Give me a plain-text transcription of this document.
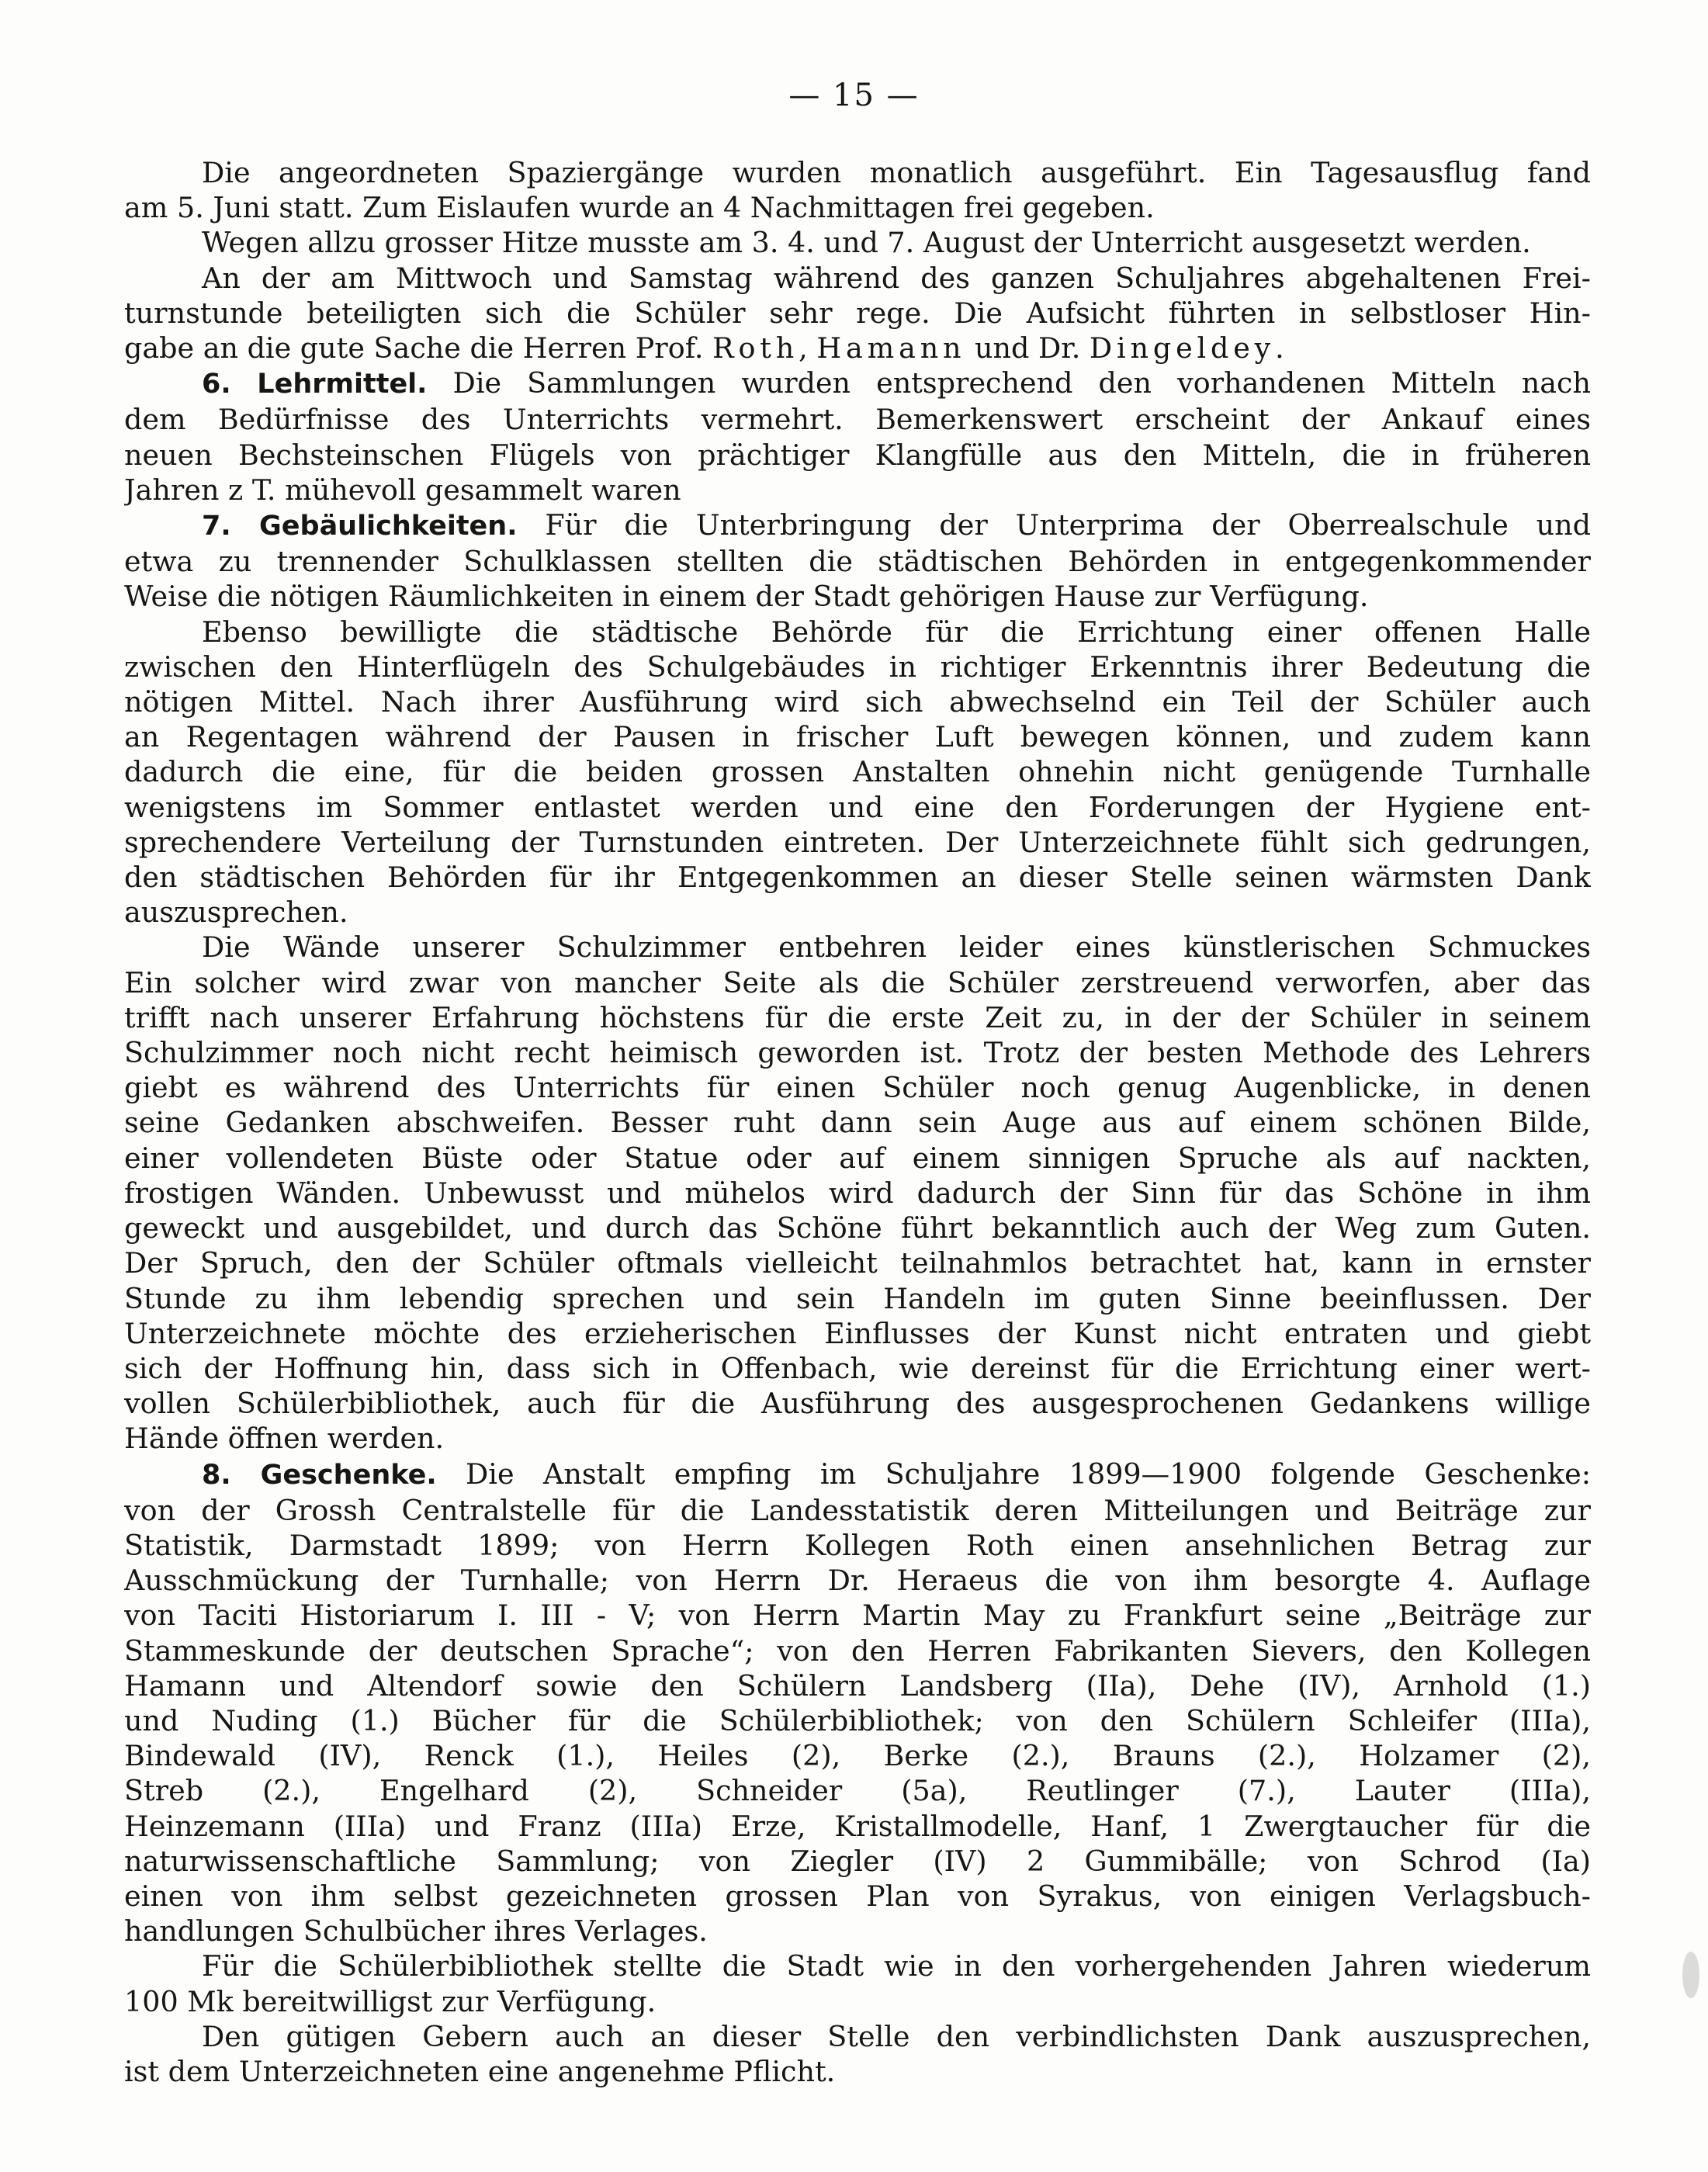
— 15 —
Die angeordneten Spaziergänge wurden monatlich ausgeführt. Ein Tagesausflug fand
am 5. Juni statt. Zum Eislaufen wurde an 4 Nachmittagen frei gegeben.
Wegen allzu grosser Hitze musste am 3. 4. und 7. August der Unterricht ausgesetzt werden.
An der am Mittwoch und Samstag während des ganzen Schuljahres abgehaltenen Frei-
turnstunde beteiligten sich die Schüler sehr rege. Die Aufsicht führten in selbstloser Hin-
gabe an die gute Sache die Herren Prof. Roth, Hamann und Dr. Dingeldey.
6. Lehrmittel. Die Sammlungen wurden entsprechend den vorhandenen Mitteln nach
dem Bedürfnisse des Unterrichts vermehrt. Bemerkenswert erscheint der Ankauf eines
neuen Bechsteinschen Flügels von prächtiger Klangfülle aus den Mitteln, die in früheren
Jahren z T. mühevoll gesammelt waren
7. Gebäulichkeiten. Für die Unterbringung der Unterprima der Oberrealschule und
etwa zu trennender Schulklassen stellten die städtischen Behörden in entgegenkommender
Weise die nötigen Räumlichkeiten in einem der Stadt gehörigen Hause zur Verfügung.
Ebenso bewilligte die städtische Behörde für die Errichtung einer offenen Halle
zwischen den Hinterflügeln des Schulgebäudes in richtiger Erkenntnis ihrer Bedeutung die
nötigen Mittel. Nach ihrer Ausführung wird sich abwechselnd ein Teil der Schüler auch
an Regentagen während der Pausen in frischer Luft bewegen können, und zudem kann
dadurch die eine, für die beiden grossen Anstalten ohnehin nicht genügende Turnhalle
wenigstens im Sommer entlastet werden und eine den Forderungen der Hygiene ent-
sprechendere Verteilung der Turnstunden eintreten. Der Unterzeichnete fühlt sich gedrungen,
den städtischen Behörden für ihr Entgegenkommen an dieser Stelle seinen wärmsten Dank
auszusprechen.
Die Wände unserer Schulzimmer entbehren leider eines künstlerischen Schmuckes
Ein solcher wird zwar von mancher Seite als die Schüler zerstreuend verworfen, aber das
trifft nach unserer Erfahrung höchstens für die erste Zeit zu, in der der Schüler in seinem
Schulzimmer noch nicht recht heimisch geworden ist. Trotz der besten Methode des Lehrers
giebt es während des Unterrichts für einen Schüler noch genug Augenblicke, in denen
seine Gedanken abschweifen. Besser ruht dann sein Auge aus auf einem schönen Bilde,
einer vollendeten Büste oder Statue oder auf einem sinnigen Spruche als auf nackten,
frostigen Wänden. Unbewusst und mühelos wird dadurch der Sinn für das Schöne in ihm
geweckt und ausgebildet, und durch das Schöne führt bekanntlich auch der Weg zum Guten.
Der Spruch, den der Schüler oftmals vielleicht teilnahmlos betrachtet hat, kann in ernster
Stunde zu ihm lebendig sprechen und sein Handeln im guten Sinne beeinflussen. Der
Unterzeichnete möchte des erzieherischen Einflusses der Kunst nicht entraten und giebt
sich der Hoffnung hin, dass sich in Offenbach, wie dereinst für die Errichtung einer wert-
vollen Schülerbibliothek, auch für die Ausführung des ausgesprochenen Gedankens willige
Hände öffnen werden.
8. Geschenke. Die Anstalt empfing im Schuljahre 1899—1900 folgende Geschenke:
von der Grossh Centralstelle für die Landesstatistik deren Mitteilungen und Beiträge zur
Statistik, Darmstadt 1899; von Herrn Kollegen Roth einen ansehnlichen Betrag zur
Ausschmückung der Turnhalle; von Herrn Dr. Heraeus die von ihm besorgte 4. Auflage
von Taciti Historiarum I. III - V; von Herrn Martin May zu Frankfurt seine „Beiträge zur
Stammeskunde der deutschen Sprache“; von den Herren Fabrikanten Sievers, den Kollegen
Hamann und Altendorf sowie den Schülern Landsberg (IIa), Dehe (IV), Arnhold (1.)
und Nuding (1.) Bücher für die Schülerbibliothek; von den Schülern Schleifer (IIIa),
Bindewald (IV), Renck (1.), Heiles (2), Berke (2.), Brauns (2.), Holzamer (2),
Streb (2.), Engelhard (2), Schneider (5a), Reutlinger (7.), Lauter (IIIa),
Heinzemann (IIIa) und Franz (IIIa) Erze, Kristallmodelle, Hanf, 1 Zwergtaucher für die
naturwissenschaftliche Sammlung; von Ziegler (IV) 2 Gummibälle; von Schrod (Ia)
einen von ihm selbst gezeichneten grossen Plan von Syrakus, von einigen Verlagsbuch-
handlungen Schulbücher ihres Verlages.
Für die Schülerbibliothek stellte die Stadt wie in den vorhergehenden Jahren wiederum
100 Mk bereitwilligst zur Verfügung.
Den gütigen Gebern auch an dieser Stelle den verbindlichsten Dank auszusprechen,
ist dem Unterzeichneten eine angenehme Pflicht.
